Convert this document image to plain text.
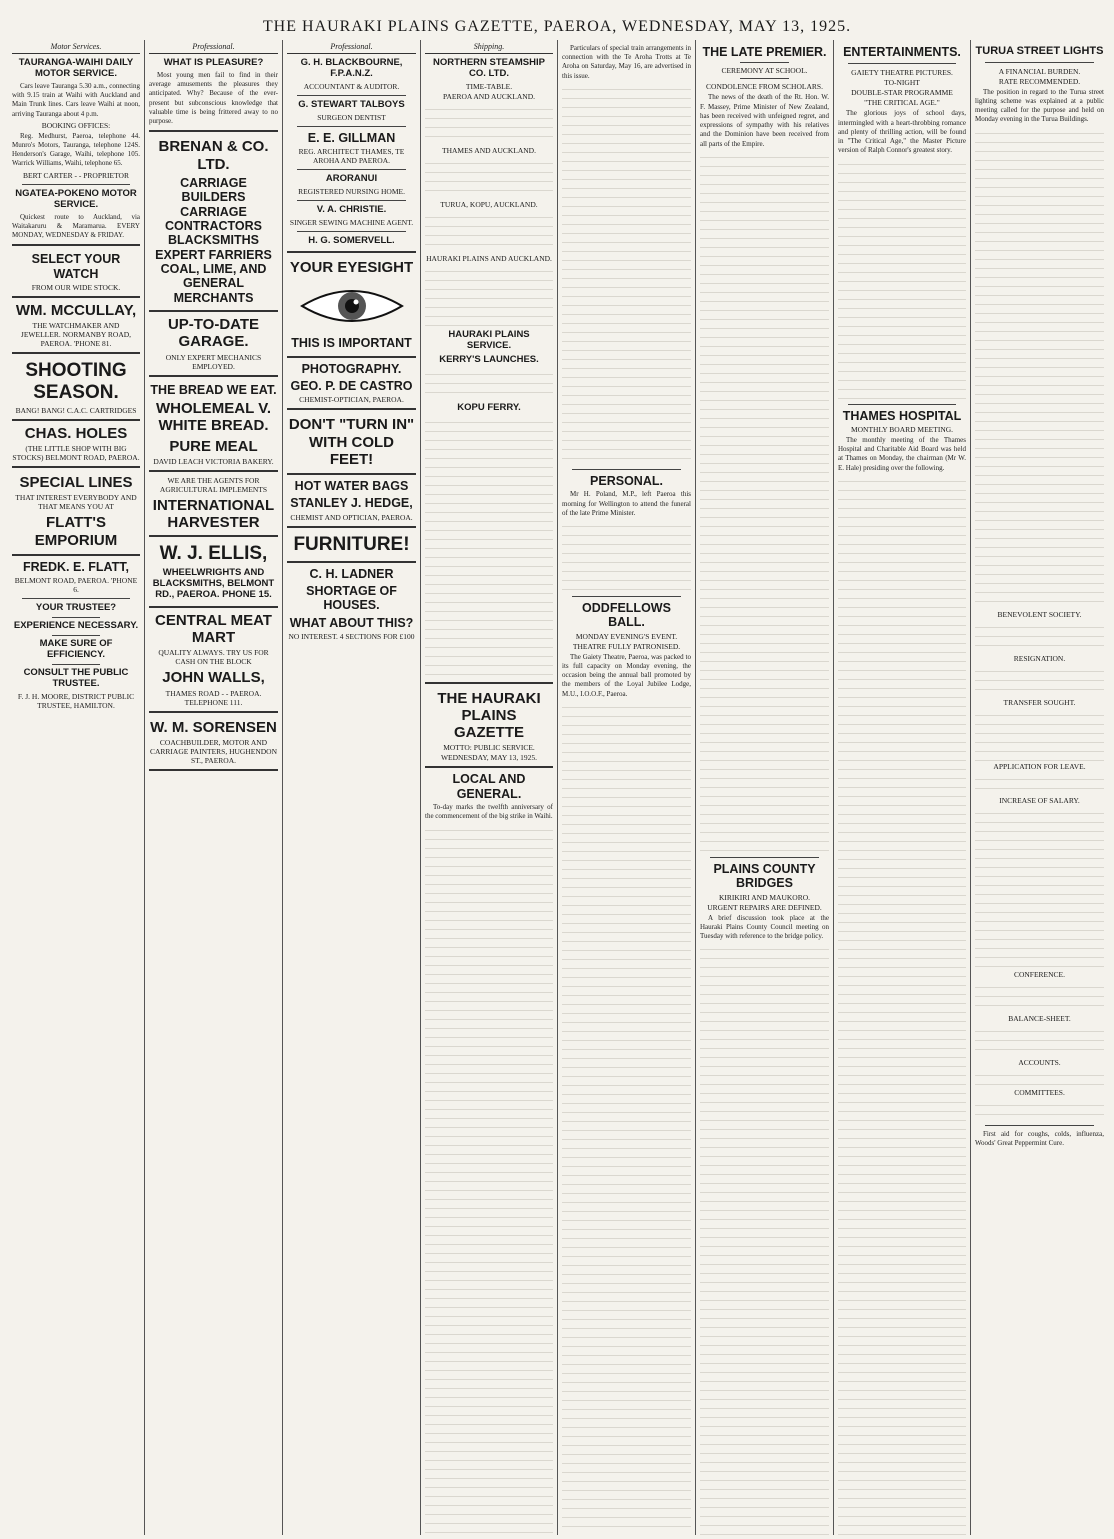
THE HAURAKI PLAINS GAZETTE, PAEROA, WEDNESDAY, MAY 13, 1925.
Motor Services.
TAURANGA-WAIHI DAILY MOTOR SERVICE.

Cars leave Tauranga 5.30 a.m., connecting with 9.15 train at Waihi with Auckland and Main Trunk lines. Cars leave Waihi at noon, arriving Tauranga about 4 p.m.

BOOKING OFFICES:

Reg. Medhurst, Paeroa, telephone 44. Munro's Motors, Tauranga, telephone 124S. Henderson's Garage, Waihi, telephone 105. Warrick Williams, Waihi, telephone 65.

BERT CARTER - - PROPRIETOR
NGATEA-POKENO MOTOR SERVICE.

Quickest route to Auckland, via Waitakaruru & Maramarua. EVERY MONDAY, WEDNESDAY & FRIDAY.

SELECT YOUR WATCH
FROM OUR WIDE STOCK.
WM. MCCULLAY,
THE WATCHMAKER AND JEWELLER. NORMANBY ROAD, PAEROA. 'PHONE 81.
SHOOTING SEASON.
BANG! BANG! C.A.C. CARTRIDGES
CHAS. HOLES
(THE LITTLE SHOP WITH BIG STOCKS) BELMONT ROAD, PAEROA.
SPECIAL LINES
THAT INTEREST EVERYBODY AND THAT MEANS YOU AT
FLATT'S EMPORIUM
FREDK. E. FLATT,
BELMONT ROAD, PAEROA. 'PHONE 6.
YOUR TRUSTEE?
EXPERIENCE NECESSARY.
MAKE SURE OF EFFICIENCY.
CONSULT THE PUBLIC TRUSTEE.
F. J. H. MOORE, DISTRICT PUBLIC TRUSTEE, HAMILTON.
Professional.
WHAT IS PLEASURE?

Most young men fail to find in their average amusements the pleasures they anticipated. Why? Because of the ever-present but subconscious knowledge that valuable time is being frittered away to no purpose.

BRENAN & CO. LTD.
CARRIAGE BUILDERS CARRIAGE CONTRACTORS BLACKSMITHS EXPERT FARRIERS COAL, LIME, AND GENERAL MERCHANTS
UP-TO-DATE GARAGE.
ONLY EXPERT MECHANICS EMPLOYED.
THE BREAD WE EAT.
WHOLEMEAL V. WHITE BREAD.
PURE MEAL
DAVID LEACH VICTORIA BAKERY.
WE ARE THE AGENTS FOR AGRICULTURAL IMPLEMENTS
INTERNATIONAL HARVESTER
W. J. ELLIS,
WHEELWRIGHTS AND BLACKSMITHS, BELMONT RD., PAEROA. PHONE 15.
CENTRAL MEAT MART
QUALITY ALWAYS. TRY US FOR CASH ON THE BLOCK
JOHN WALLS,
THAMES ROAD - - PAEROA. TELEPHONE 111.
W. M. SORENSEN
COACHBUILDER, MOTOR AND CARRIAGE PAINTERS, HUGHENDON ST., PAEROA.
Professional.
G. H. BLACKBOURNE, F.P.A.N.Z.
ACCOUNTANT & AUDITOR.
G. STEWART TALBOYS
SURGEON DENTIST
E. E. GILLMAN
REG. ARCHITECT THAMES, TE AROHA AND PAEROA.
ARORANUI
REGISTERED NURSING HOME.
V. A. CHRISTIE.
SINGER SEWING MACHINE AGENT.
H. G. SOMERVELL.
YOUR EYESIGHT
THIS IS IMPORTANT
PHOTOGRAPHY.
GEO. P. DE CASTRO
CHEMIST-OPTICIAN, PAEROA.
DON'T "TURN IN" WITH COLD FEET!
HOT WATER BAGS
STANLEY J. HEDGE,
CHEMIST AND OPTICIAN, PAEROA.
FURNITURE!
C. H. LADNER
SHORTAGE OF HOUSES.
WHAT ABOUT THIS?
NO INTEREST. 4 SECTIONS FOR £100
Shipping.
NORTHERN STEAMSHIP CO. LTD.
TIME-TABLE.
PAEROA AND AUCKLAND.
THAMES AND AUCKLAND.
TURUA, KOPU, AUCKLAND.
HAURAKI PLAINS AND AUCKLAND.
HAURAKI PLAINS SERVICE.
KERRY'S LAUNCHES.
KOPU FERRY.
THE HAURAKI PLAINS GAZETTE
MOTTO: PUBLIC SERVICE.
WEDNESDAY, MAY 13, 1925.
LOCAL AND GENERAL.

To-day marks the twelfth anniversary of the commencement of the big strike in Waihi.

Particulars of special train arrangements in connection with the Te Aroha Trotts at Te Aroha on Saturday, May 16, are advertised in this issue.

PERSONAL.

Mr H. Poland, M.P., left Paeroa this morning for Wellington to attend the funeral of the late Prime Minister.

ODDFELLOWS BALL.
MONDAY EVENING'S EVENT.
THEATRE FULLY PATRONISED.

The Gaiety Theatre, Paeroa, was packed to its full capacity on Monday evening, the occasion being the annual ball promoted by the members of the Loyal Jubilee Lodge, M.U., I.O.O.F., Paeroa.

THE LATE PREMIER.
CEREMONY AT SCHOOL.
CONDOLENCE FROM SCHOLARS.

The news of the death of the Rt. Hon. W. F. Massey, Prime Minister of New Zealand, has been received with unfeigned regret, and expressions of sympathy with his relatives and the Dominion have been received from all parts of the Empire.

PLAINS COUNTY BRIDGES
KIRIKIRI AND MAUKORO.
URGENT REPAIRS ARE DEFINED.

A brief discussion took place at the Hauraki Plains County Council meeting on Tuesday with reference to the bridge policy.

ENTERTAINMENTS.
GAIETY THEATRE PICTURES.
TO-NIGHT
DOUBLE-STAR PROGRAMME
"THE CRITICAL AGE."

The glorious joys of school days, intermingled with a heart-throbbing romance and plenty of thrilling action, will be found in "The Critical Age," the Master Picture version of Ralph Connor's greatest story.

THAMES HOSPITAL
MONTHLY BOARD MEETING.

The monthly meeting of the Thames Hospital and Charitable Aid Board was held at Thames on Monday, the chairman (Mr W. E. Hale) presiding over the following.

TURUA STREET LIGHTS
A FINANCIAL BURDEN.
RATE RECOMMENDED.

The position in regard to the Turua street lighting scheme was explained at a public meeting called for the purpose and held on Monday evening in the Turua Buildings.

BENEVOLENT SOCIETY.
RESIGNATION.
TRANSFER SOUGHT.
APPLICATION FOR LEAVE.
INCREASE OF SALARY.
CONFERENCE.
BALANCE-SHEET.
ACCOUNTS.
COMMITTEES.

First aid for coughs, colds, influenza, Woods' Great Peppermint Cure.
